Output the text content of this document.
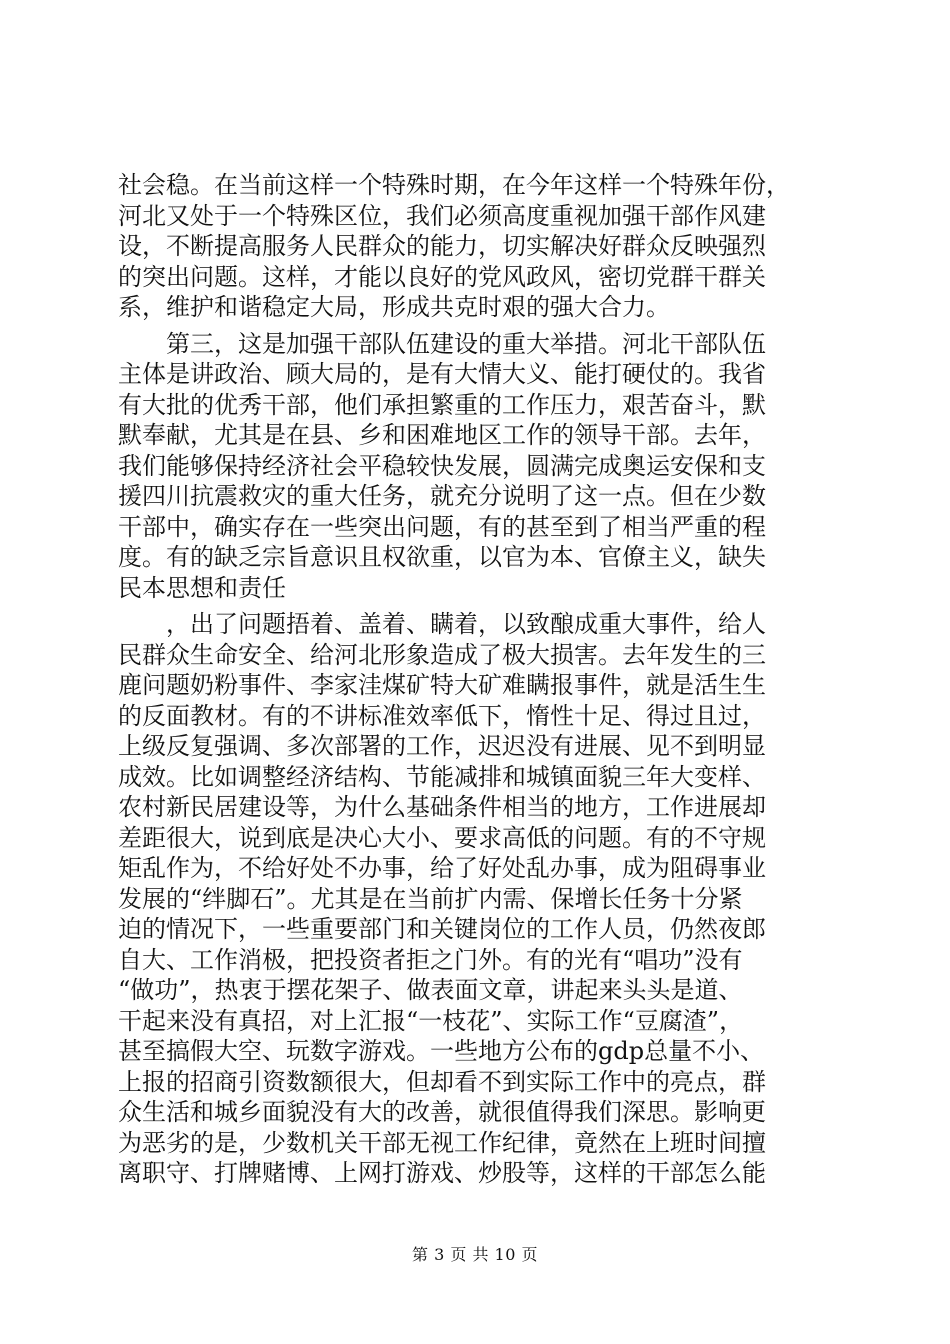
社会稳。在当前这样一个特殊时期，在今年这样一个特殊年份，
河北又处于一个特殊区位，我们必须高度重视加强干部作风建
设，不断提高服务人民群众的能力，切实解决好群众反映强烈
的突出问题。这样，才能以良好的党风政风，密切党群干群关
系，维护和谐稳定大局，形成共克时艰的强大合力。
　　第三，这是加强干部队伍建设的重大举措。河北干部队伍
主体是讲政治、顾大局的，是有大情大义、能打硬仗的。我省
有大批的优秀干部，他们承担繁重的工作压力，艰苦奋斗，默
默奉献，尤其是在县、乡和困难地区工作的领导干部。去年，
我们能够保持经济社会平稳较快发展，圆满完成奥运安保和支
援四川抗震救灾的重大任务，就充分说明了这一点。但在少数
干部中，确实存在一些突出问题，有的甚至到了相当严重的程
度。有的缺乏宗旨意识且权欲重，以官为本、官僚主义，缺失
民本思想和责任
　　，出了问题捂着、盖着、瞒着，以致酿成重大事件，给人
民群众生命安全、给河北形象造成了极大损害。去年发生的三
鹿问题奶粉事件、李家洼煤矿特大矿难瞒报事件，就是活生生
的反面教材。有的不讲标准效率低下，惰性十足、得过且过，
上级反复强调、多次部署的工作，迟迟没有进展、见不到明显
成效。比如调整经济结构、节能减排和城镇面貌三年大变样、
农村新民居建设等，为什么基础条件相当的地方，工作进展却
差距很大，说到底是决心大小、要求高低的问题。有的不守规
矩乱作为，不给好处不办事，给了好处乱办事，成为阻碍事业
发展的“绊脚石”。尤其是在当前扩内需、保增长任务十分紧
迫的情况下，一些重要部门和关键岗位的工作人员，仍然夜郎
自大、工作消极，把投资者拒之门外。有的光有“唱功”没有
“做功”，热衷于摆花架子、做表面文章，讲起来头头是道、
干起来没有真招，对上汇报“一枝花”、实际工作“豆腐渣”，
甚至搞假大空、玩数字游戏。一些地方公布的gdp总量不小、
上报的招商引资数额很大，但却看不到实际工作中的亮点，群
众生活和城乡面貌没有大的改善，就很值得我们深思。影响更
为恶劣的是，少数机关干部无视工作纪律，竟然在上班时间擅
离职守、打牌赌博、上网打游戏、炒股等，这样的干部怎么能
第 3 页 共 10 页
